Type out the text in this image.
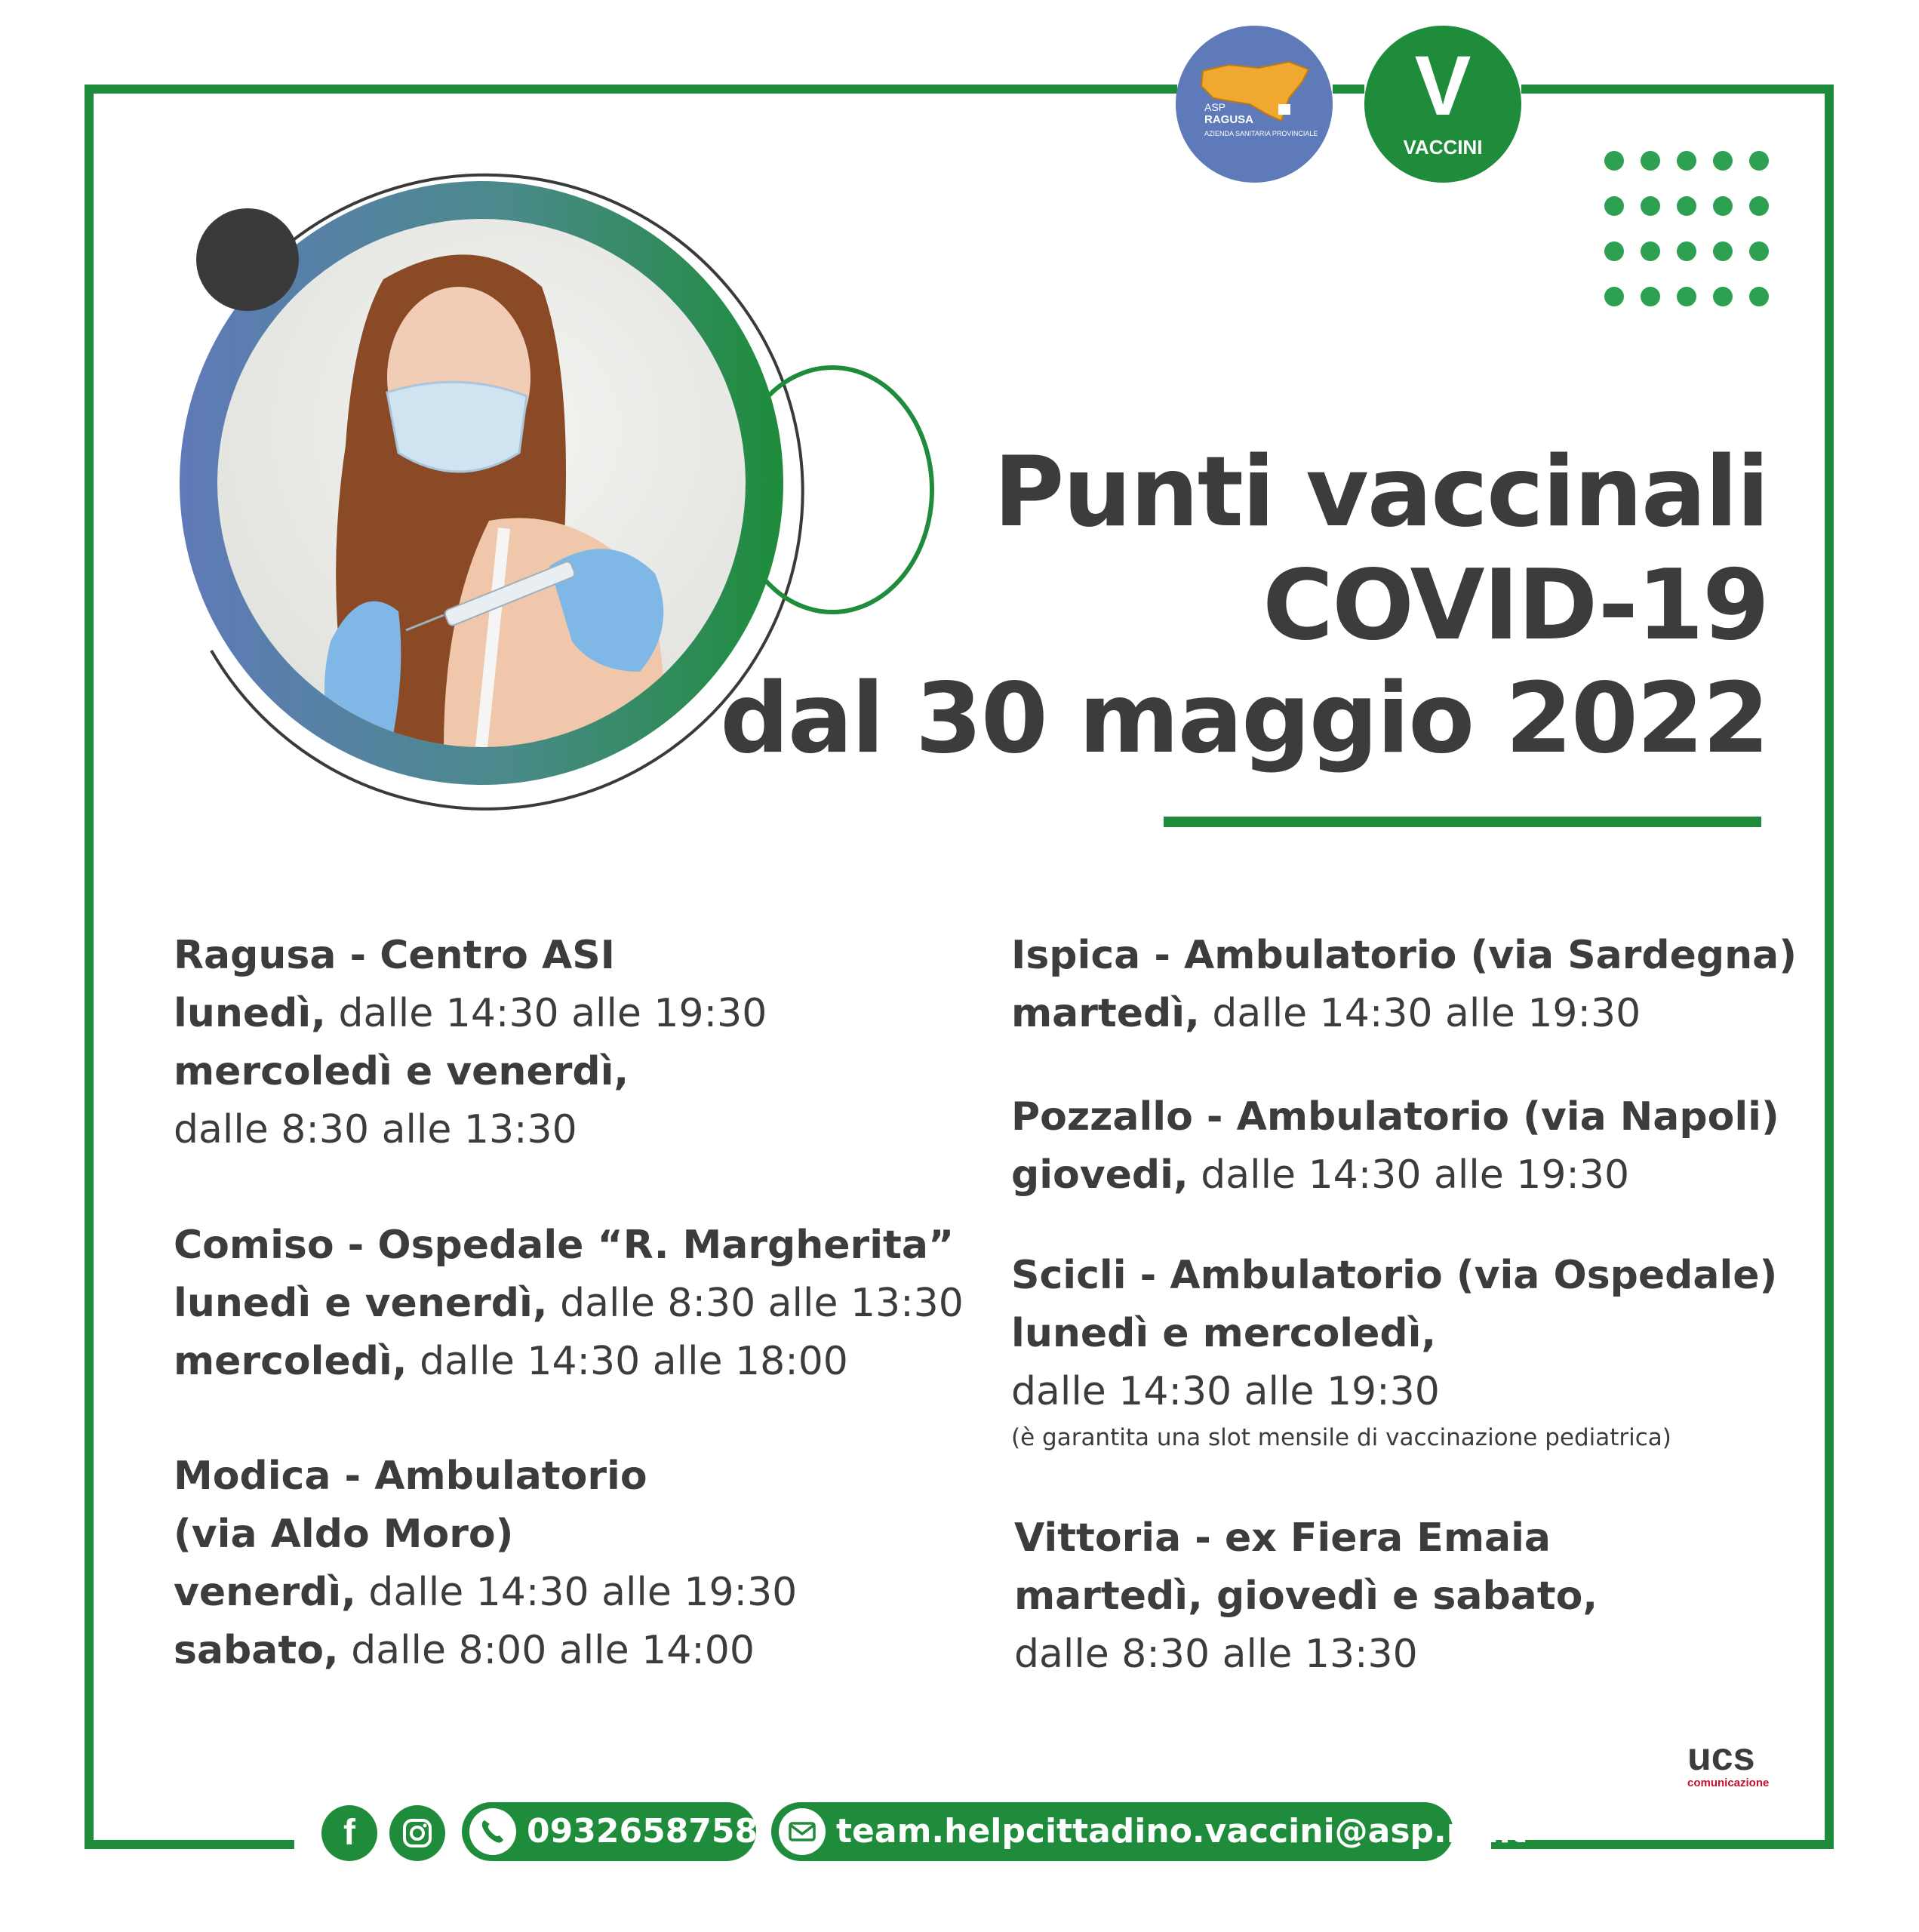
ASP
RAGUSA
AZIENDA SANITARIA PROVINCIALE
V
VACCINI
Punti vaccinali
COVID-19
dal 30 maggio 2022
Ragusa - Centro ASI
lunedì, dalle 14:30 alle 19:30
mercoledì e venerdì,
dalle 8:30 alle 13:30
Comiso - Ospedale “R. Margherita”
lunedì e venerdì, dalle 8:30 alle 13:30
mercoledì, dalle 14:30 alle 18:00
Modica - Ambulatorio
(via Aldo Moro)
venerdì, dalle 14:30 alle 19:30
sabato, dalle 8:00 alle 14:00
Ispica - Ambulatorio (via Sardegna)
martedì, dalle 14:30 alle 19:30
Pozzallo - Ambulatorio (via Napoli)
giovedi, dalle 14:30 alle 19:30
Scicli - Ambulatorio (via Ospedale)
lunedì e mercoledì,
dalle 14:30 alle 19:30
(è garantita una slot mensile di vaccinazione pediatrica)
Vittoria - ex Fiera Emaia
martedì, giovedì e sabato,
dalle 8:30 alle 13:30
ucs
comunicazione
f	0932658758 team.helpcittadino.vaccini@asp.rg.it
